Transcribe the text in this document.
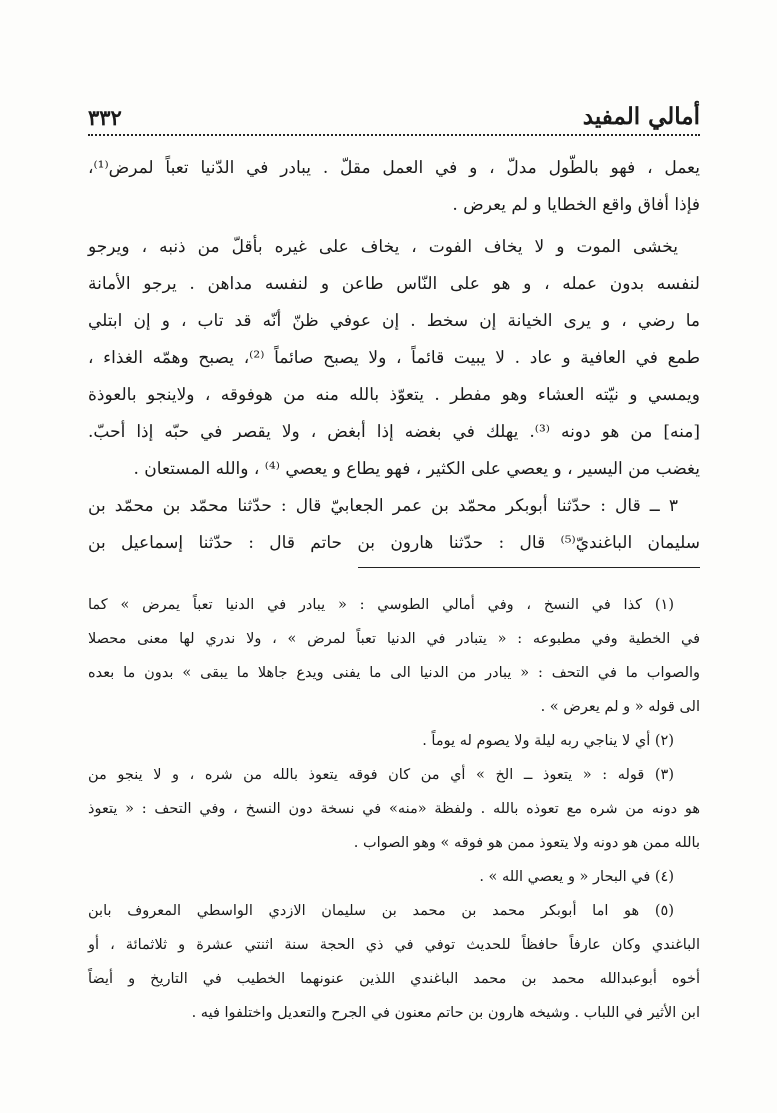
أمالي المفيد
٣٣٢
يعمل ، فهو بالطّول مدلّ ، و في العمل مقلّ . يبادر في الدّنيا تعباً لمرض⁽¹⁾،
فإذا أفاق واقع الخطايا و لم يعرض .
يخشى الموت و لا يخاف الفوت ، يخاف على غيره بأقلّ من ذنبه ، ويرجو
لنفسه بدون عمله ، و هو على النّاس طاعن و لنفسه مداهن . يرجو الأمانة
ما رضي ، و يرى الخيانة إن سخط . إن عوفي ظنّ أنّه قد تاب ، و إن ابتلي
طمع في العافية و عاد . لا يبيت قائماً ، ولا يصبح صائماً ⁽²⁾، يصبح وهمّه الغذاء ،
ويمسي و نيّته العشاء وهو مفطر . يتعوّذ بالله منه من هوفوقه ، ولاينجو بالعوذة
[منه] من هو دونه ⁽³⁾. يهلك في بغضه إذا أبغض ، ولا يقصر في حبّه إذا أحبّ.
يغضب من اليسير ، و يعصي على الكثير ، فهو يطاع و يعصي ⁽⁴⁾ ، والله المستعان .
٣ ــ قال : حدّثنا أبوبكر محمّد بن عمر الجعابيّ قال : حدّثنا محمّد بن محمّد بن
سليمان الباغنديّ⁽⁵⁾ قال : حدّثنا هارون بن حاتم قال : حدّثنا إسماعيل بن
(١) كذا في النسخ ، وفي أمالي الطوسي : « يبادر في الدنيا تعباً يمرض » كما
في الخطية وفي مطبوعه : « يتبادر في الدنيا تعباً لمرض » ، ولا ندري لها معنى محصلا
والصواب ما في التحف : « يبادر من الدنيا الى ما يفنى ويدع جاهلا ما يبقى » بدون ما بعده
الى قوله « و لم يعرض » .
(٢) أي لا يناجي ربه ليلة ولا يصوم له يوماً .
(٣) قوله : « يتعوذ ــ الخ » أي من كان فوقه يتعوذ بالله من شره ، و لا ينجو من
هو دونه من شره مع تعوذه بالله . ولفظة «منه» في نسخة دون النسخ ، وفي التحف : « يتعوذ
بالله ممن هو دونه ولا يتعوذ ممن هو فوقه » وهو الصواب .
(٤) في البحار « و يعصي الله » .
(٥) هو اما أبوبكر محمد بن محمد بن سليمان الازدي الواسطي المعروف بابن
الباغندي وكان عارفاً حافظاً للحديث توفي في ذي الحجة سنة اثنتي عشرة و ثلاثمائة ، أو
أخوه أبوعبدالله محمد بن محمد الباغندي اللذين عنونهما الخطيب في التاريخ و أيضاً
ابن الأثير في اللباب . وشيخه هارون بن حاتم معنون في الجرح والتعديل واختلفوا فيه .
